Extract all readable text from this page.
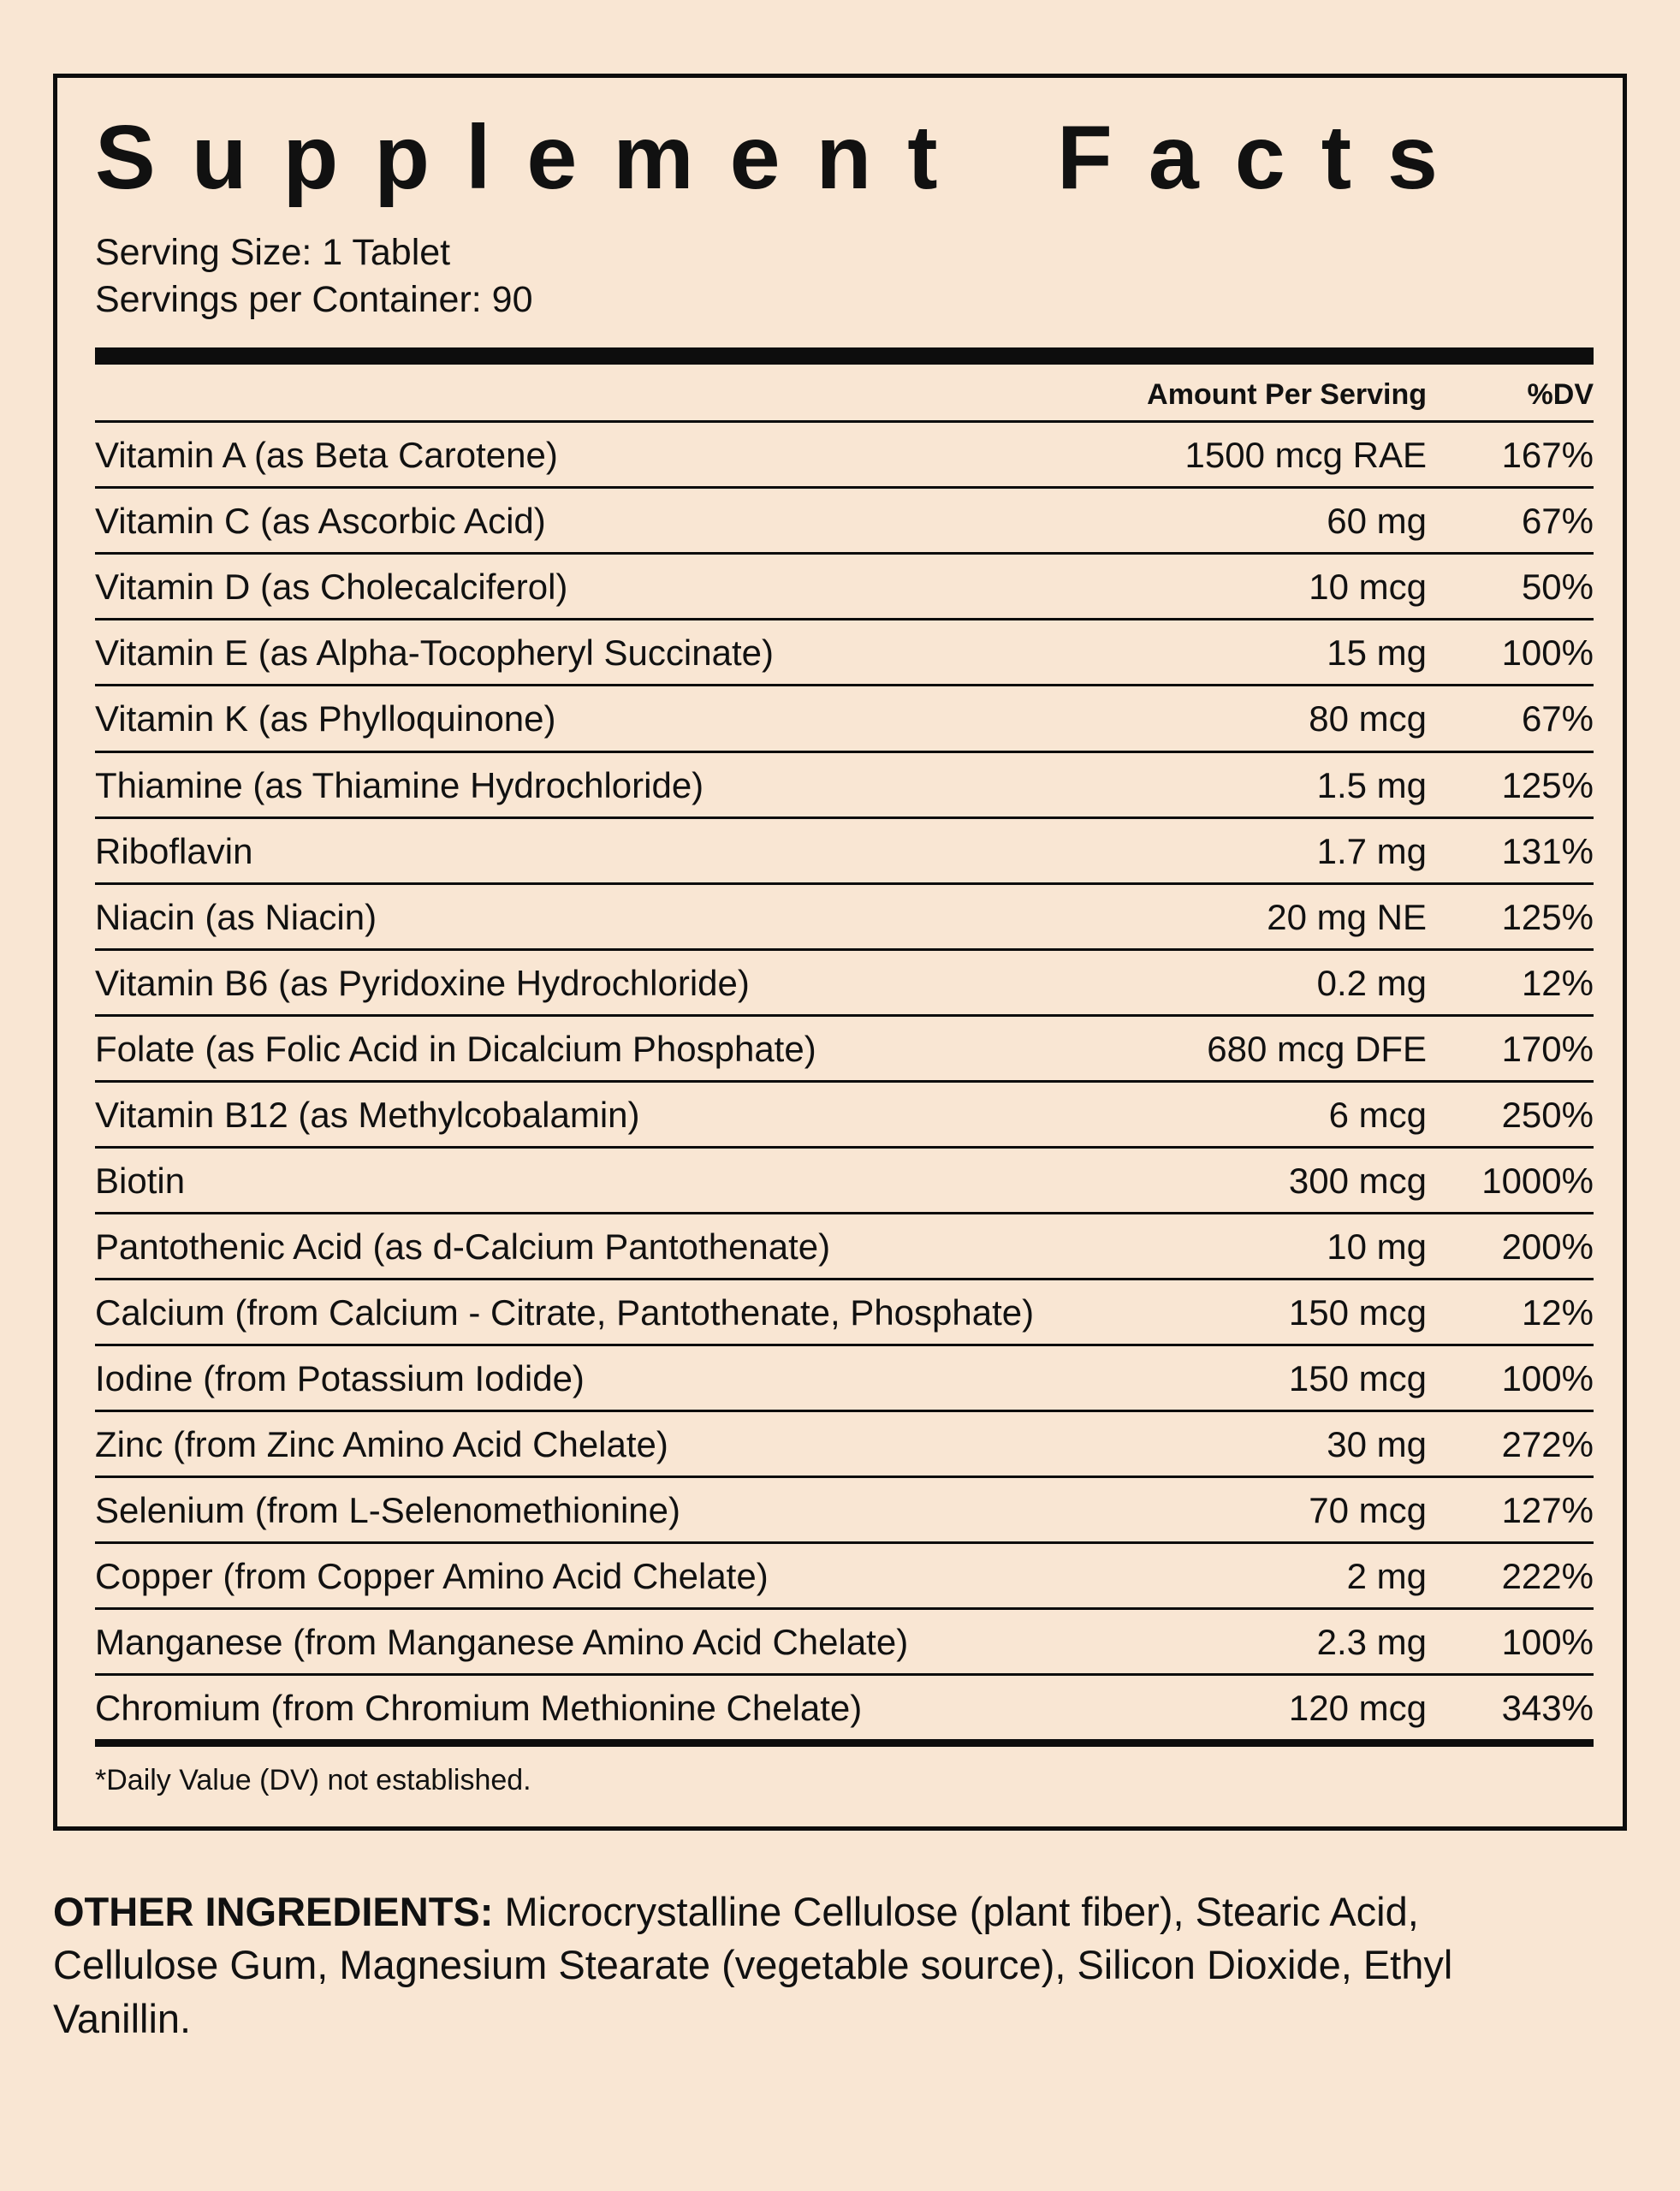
Supplement Facts
Serving Size: 1 Tablet
Servings per Container: 90
Amount Per Serving	%DV
Vitamin A (as Beta Carotene)	1500 mcg RAE	167%
Vitamin C (as Ascorbic Acid)	60 mg	67%
Vitamin D (as Cholecalciferol)	10 mcg	50%
Vitamin E (as Alpha-Tocopheryl Succinate)	15 mg	100%
Vitamin K (as Phylloquinone)	80 mcg	67%
Thiamine (as Thiamine Hydrochloride)	1.5 mg	125%
Riboflavin	1.7 mg	131%
Niacin (as Niacin)	20 mg NE	125%
Vitamin B6 (as Pyridoxine Hydrochloride)	0.2 mg	12%
Folate (as Folic Acid in Dicalcium Phosphate)	680 mcg DFE	170%
Vitamin B12 (as Methylcobalamin)	6 mcg	250%
Biotin	300 mcg	1000%
Pantothenic Acid (as d-Calcium Pantothenate)	10 mg	200%
Calcium (from Calcium - Citrate, Pantothenate, Phosphate)	150 mcg	12%
Iodine (from Potassium Iodide)	150 mcg	100%
Zinc (from Zinc Amino Acid Chelate)	30 mg	272%
Selenium (from L-Selenomethionine)	70 mcg	127%
Copper (from Copper Amino Acid Chelate)	2 mg	222%
Manganese (from Manganese Amino Acid Chelate)	2.3 mg	100%
Chromium (from Chromium Methionine Chelate)	120 mcg	343%
*Daily Value (DV) not established.

OTHER INGREDIENTS: Microcrystalline Cellulose (plant fiber), Stearic Acid, Cellulose Gum, Magnesium Stearate (vegetable source), Silicon Dioxide, Ethyl Vanillin.
